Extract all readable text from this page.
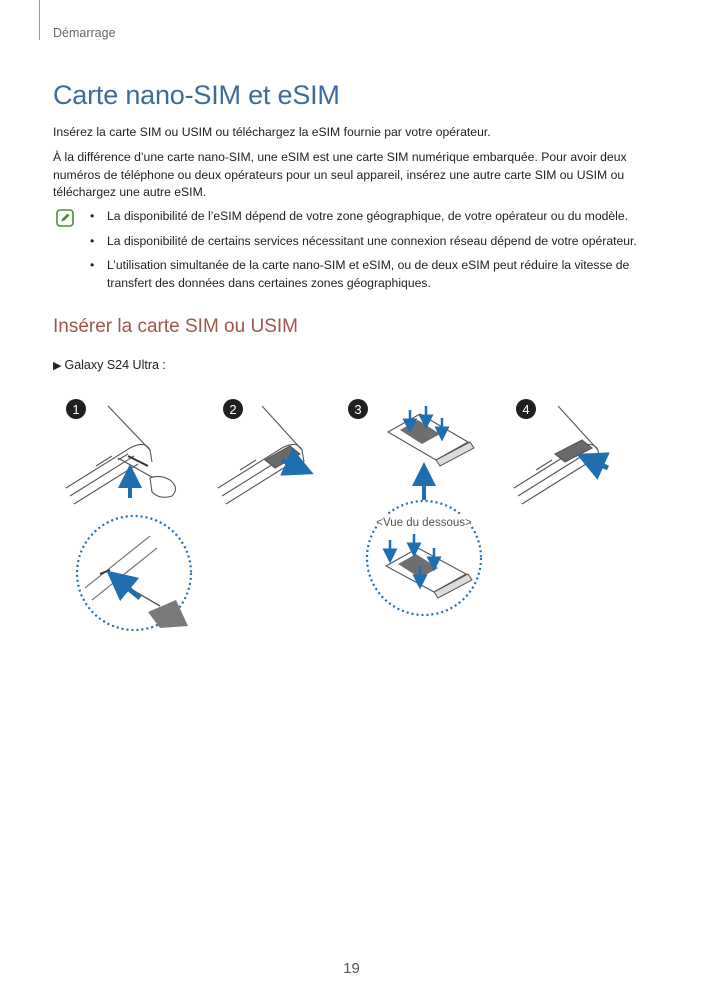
Démarrage
Carte nano-SIM et eSIM

Insérez la carte SIM ou USIM ou téléchargez la eSIM fournie par votre opérateur.

À la différence d’une carte nano-SIM, une eSIM est une carte SIM numérique embarquée. Pour avoir deux numéros de téléphone ou deux opérateurs pour un seul appareil, insérez une autre carte SIM ou USIM ou téléchargez une autre eSIM.

• La disponibilité de l’eSIM dépend de votre zone géographique, de votre opérateur ou du modèle.
• La disponibilité de certains services nécessitant une connexion réseau dépend de votre opérateur.
• L’utilisation simultanée de la carte nano-SIM et eSIM, ou de deux eSIM peut réduire la vitesse de transfert des données dans certaines zones géographiques.
Insérer la carte SIM ou USIM
▶ Galaxy S24 Ultra :
1	2	3	4
<Vue du dessous>
19
